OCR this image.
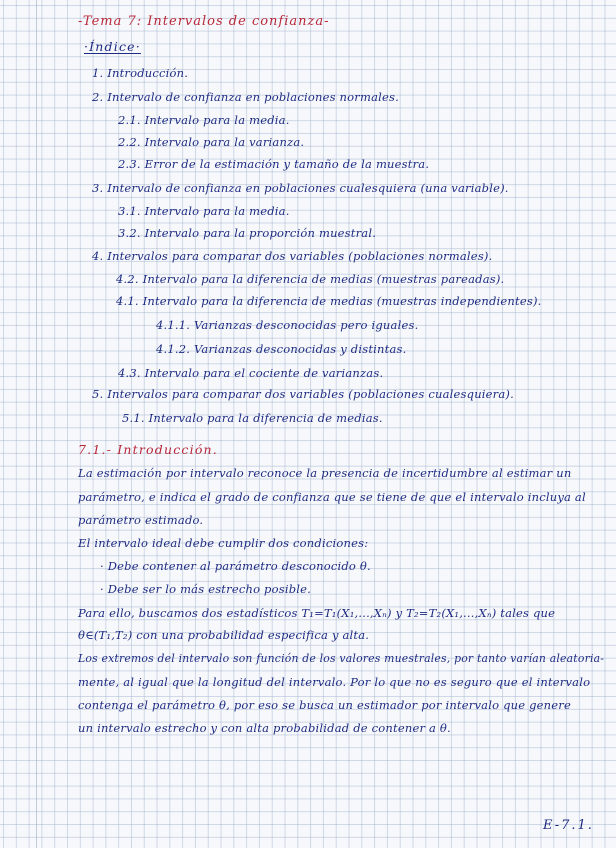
-Tema 7: Intervalos de confianza-
·Índice·
1. Introducción.
2. Intervalo de confianza en poblaciones normales.
2.1. Intervalo para la media.
2.2. Intervalo para la varianza.
2.3. Error de la estimación y tamaño de la muestra.
3. Intervalo de confianza en poblaciones cualesquiera (una variable).
3.1. Intervalo para la media.
3.2. Intervalo para la proporción muestral.
4. Intervalos para comparar dos variables (poblaciones normales).
4.2. Intervalo para la diferencia de medias (muestras pareadas).
4.1. Intervalo para la diferencia de medias (muestras independientes).
4.1.1. Varianzas desconocidas pero iguales.
4.1.2. Varianzas desconocidas y distintas.
4.3. Intervalo para el cociente de varianzas.
5. Intervalos para comparar dos variables (poblaciones cualesquiera).
5.1. Intervalo para la diferencia de medias.
7.1.- Introducción.
La estimación por intervalo reconoce la presencia de incertidumbre al estimar un
parámetro, e indica el grado de confianza que se tiene de que el intervalo incluya al
parámetro estimado.
El intervalo ideal debe cumplir dos condiciones:
· Debe contener al parámetro desconocido θ.
· Debe ser lo más estrecho posible.
Para ello, buscamos dos estadísticos T₁=T₁(X₁,...,Xₙ) y T₂=T₂(X₁,...,Xₙ) tales que
θ∈(T₁,T₂) con una probabilidad especifica y alta.
Los extremos del intervalo son función de los valores muestrales, por tanto varían aleatoria-
mente, al igual que la longitud del intervalo. Por lo que no es seguro que el intervalo
contenga el parámetro θ, por eso se busca un estimador por intervalo que genere
un intervalo estrecho y con alta probabilidad de contener a θ.
E-7.1.
